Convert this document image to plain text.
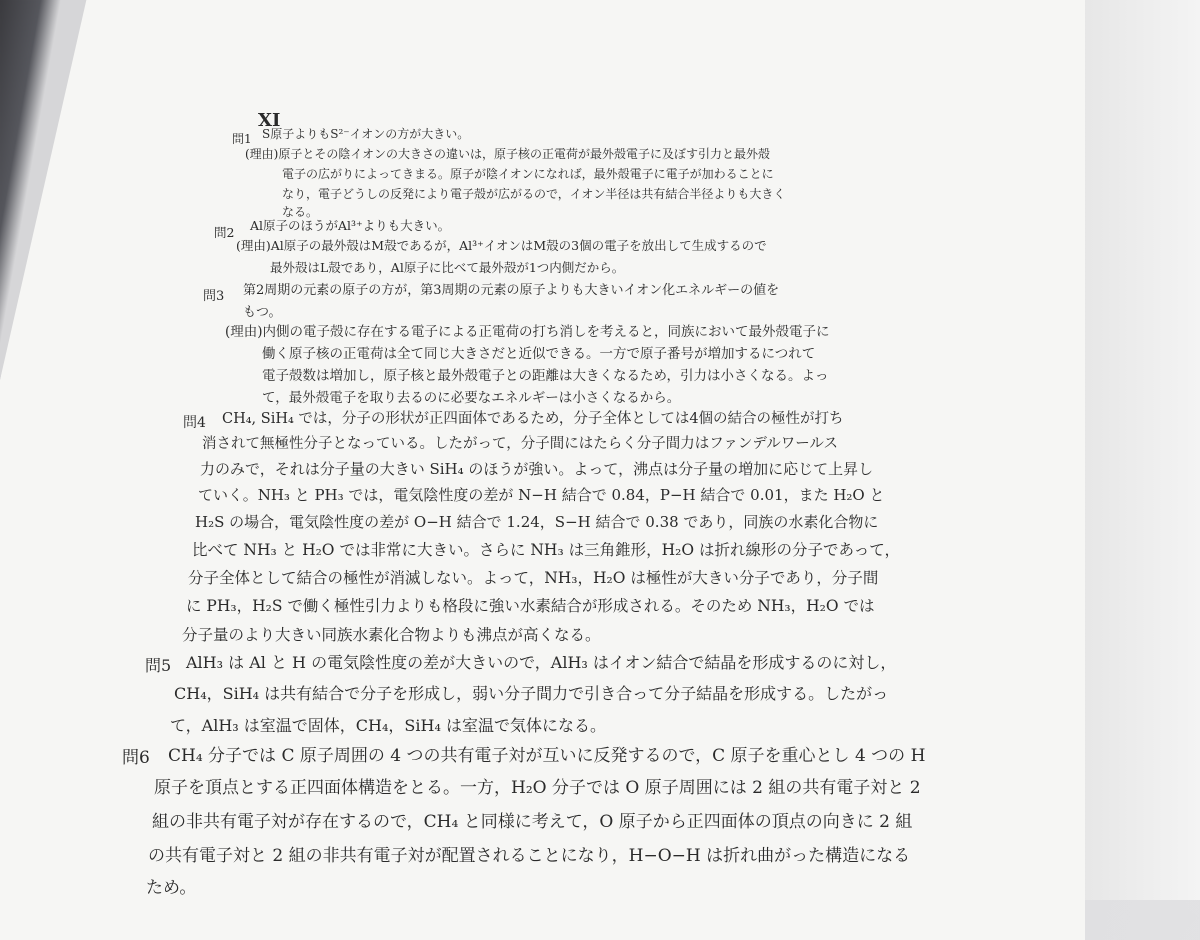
XI
問1 S原子よりもS²⁻イオンの方が大きい。
(理由)原子とその陰イオンの大きさの違いは，原子核の正電荷が最外殻電子に及ぼす引力と最外殻
電子の広がりによってきまる。原子が陰イオンになれば，最外殻電子に電子が加わることに
なり，電子どうしの反発により電子殻が広がるので，イオン半径は共有結合半径よりも大きく
なる。
問2 Al原子のほうがAl³⁺よりも大きい。
(理由)Al原子の最外殻はM殻であるが，Al³⁺イオンはM殻の3個の電子を放出して生成するので
最外殻はL殻であり，Al原子に比べて最外殻が1つ内側だから。
問3 第2周期の元素の原子の方が，第3周期の元素の原子よりも大きいイオン化エネルギーの値を
もつ。
(理由)内側の電子殻に存在する電子による正電荷の打ち消しを考えると，同族において最外殻電子に
働く原子核の正電荷は全て同じ大きさだと近似できる。一方で原子番号が増加するにつれて
電子殻数は増加し，原子核と最外殻電子との距離は大きくなるため，引力は小さくなる。よっ
て，最外殻電子を取り去るのに必要なエネルギーは小さくなるから。
問4 CH₄, SiH₄ では，分子の形状が正四面体であるため，分子全体としては4個の結合の極性が打ち
消されて無極性分子となっている。したがって，分子間にはたらく分子間力はファンデルワールス
力のみで，それは分子量の大きい SiH₄ のほうが強い。よって，沸点は分子量の増加に応じて上昇し
ていく。NH₃ と PH₃ では，電気陰性度の差が N−H 結合で 0.84，P−H 結合で 0.01，また H₂O と
H₂S の場合，電気陰性度の差が O−H 結合で 1.24，S−H 結合で 0.38 であり，同族の水素化合物に
比べて NH₃ と H₂O では非常に大きい。さらに NH₃ は三角錐形，H₂O は折れ線形の分子であって，
分子全体として結合の極性が消滅しない。よって，NH₃，H₂O は極性が大きい分子であり，分子間
に PH₃，H₂S で働く極性引力よりも格段に強い水素結合が形成される。そのため NH₃，H₂O では
分子量のより大きい同族水素化合物よりも沸点が高くなる。
問5 AlH₃ は Al と H の電気陰性度の差が大きいので，AlH₃ はイオン結合で結晶を形成するのに対し，
CH₄，SiH₄ は共有結合で分子を形成し，弱い分子間力で引き合って分子結晶を形成する。したがっ
て，AlH₃ は室温で固体，CH₄，SiH₄ は室温で気体になる。
問6 CH₄ 分子では C 原子周囲の 4 つの共有電子対が互いに反発するので，C 原子を重心とし 4 つの H
原子を頂点とする正四面体構造をとる。一方，H₂O 分子では O 原子周囲には 2 組の共有電子対と 2
組の非共有電子対が存在するので，CH₄ と同様に考えて，O 原子から正四面体の頂点の向きに 2 組
の共有電子対と 2 組の非共有電子対が配置されることになり，H−O−H は折れ曲がった構造になる
ため。
